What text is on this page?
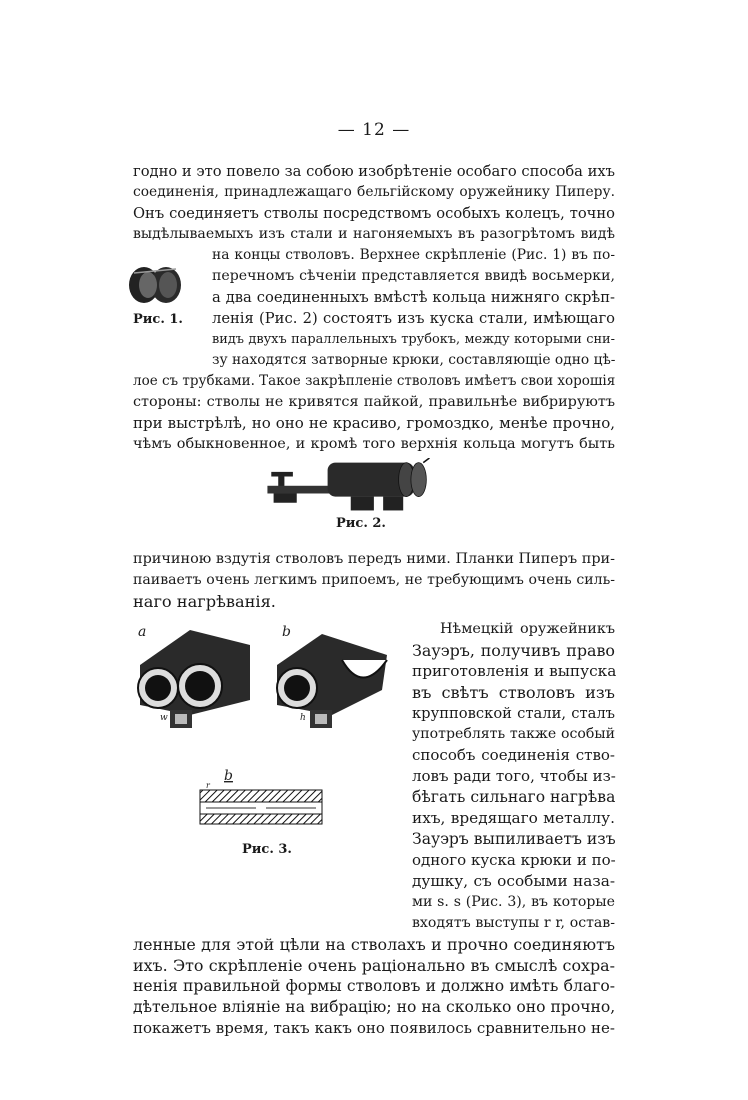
— 12 —
годно и это повело за собою изобрѣтеніе особаго способа ихъ
соединенія, принадлежащаго бельгійскому оружейнику Пиперу.
Онъ соединяетъ стволы посредствомъ особыхъ колецъ, точно
выдѣлываемыхъ изъ стали и нагоняемыхъ въ разогрѣтомъ видѣ
на концы стволовъ. Верхнее скрѣпленіе (Рис. 1) въ по-
перечномъ сѣченіи представляется ввидѣ восьмерки,
а два соединенныхъ вмѣстѣ кольца нижняго скрѣп-
ленія (Рис. 2) состоятъ изъ куска стали, имѣющаго
видъ двухъ параллельныхъ трубокъ, между которыми сни-
зу находятся затворные крюки, составляющіе одно цѣ-
Рис. 1.
лое съ трубками. Такое закрѣпленіе стволовъ имѣетъ свои хорошія
стороны: стволы не кривятся пайкой, правильнѣе вибрируютъ
при выстрѣлѣ, но оно не красиво, громоздко, менѣе прочно,
чѣмъ обыкновенное, и кромѣ того верхнія кольца могутъ быть
Рис. 2.
причиною вздутія стволовъ передъ ними. Планки Пиперъ при-
паиваетъ очень легкимъ припоемъ, не требующимъ очень силь-
наго нагрѣванія.
Нѣмецкій оружейникъ
Зауэръ, получивъ право
приготовленія и выпуска
въ свѣтъ стволовъ изъ
крупповской стали, сталъ
употреблять также особый
способъ соединенія ство-
ловъ ради того, чтобы из-
бѣгать сильнаго нагрѣва
ихъ, вредящаго металлу.
Зауэръ выпиливаетъ изъ
одного куска крюки и по-
душку, съ особыми наза-
ми s. s (Рис. 3), въ которые
входятъ выступы r r, остав-
a
w
b
h
b
r
Рис. 3.
ленные для этой цѣли на стволахъ и прочно соединяютъ
ихъ. Это скрѣпленіе очень раціонально въ смыслѣ сохра-
ненія правильной формы стволовъ и должно имѣть благо-
дѣтельное вліяніе на вибрацію; но на сколько оно прочно,
покажетъ время, такъ какъ оно появилось сравнительно не-
